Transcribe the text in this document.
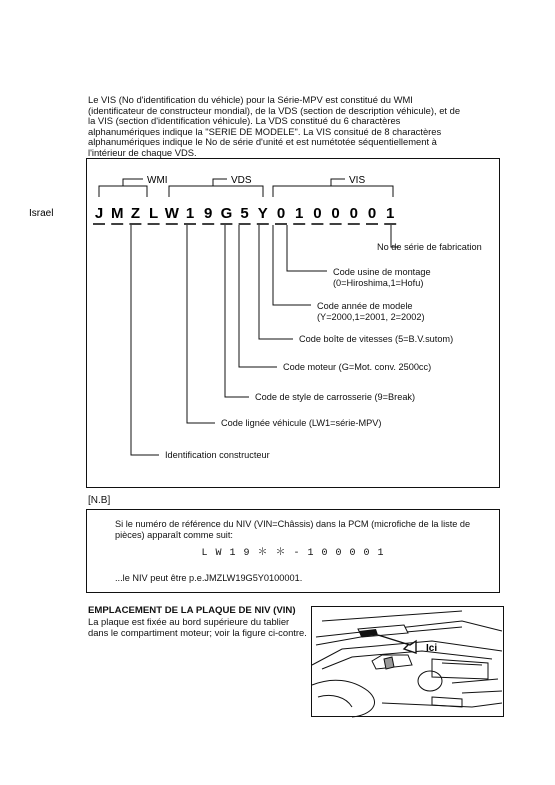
Le VIS (No d'identification du véhicle) pour la Série-MPV est constitué du WMI

(identificateur de constructeur mondial), de la VDS (section de description véhicule), et de

la VIS (section d'identification véhicule). La VDS constitué du 6 charactères

alphanumériques indique la "SERIE DE MODELE". La VIS consitué de 8 charactères

alphanumériques indique le No de série d'unité et est numétotée séquentiellement à

l'intérieur de chaque VDS.

WMI	VDS	VIS
Israel	J M Z L W 1 9 G 5 Y 0 1 0 0 0 0 1
No de série de fabrication
Code usine de montage
(0=Hiroshima,1=Hofu)
Code année de modele
(Y=2000,1=2001, 2=2002)
Code boîte de vitesses (5=B.V.sutom)
Code moteur (G=Mot. conv. 2500cc)
Code de style de carrosserie (9=Break)
Code lignée véhicule (LW1=série-MPV)
Identification constructeur
[N.B]
Si le numéro de référence du NIV (VIN=Châssis) dans la PCM (microfiche de la liste de
pièces) apparaît comme suit:
L W 1 9 ＊ ＊ - 1 0 0 0 0 1
...le NIV peut être p.e.JMZLW19G5Y0100001.
EMPLACEMENT DE LA PLAQUE DE NIV (VIN)

La plaque est fixée au bord supérieure du tablier

dans le compartiment moteur; voir la figure ci-contre.

Ici
